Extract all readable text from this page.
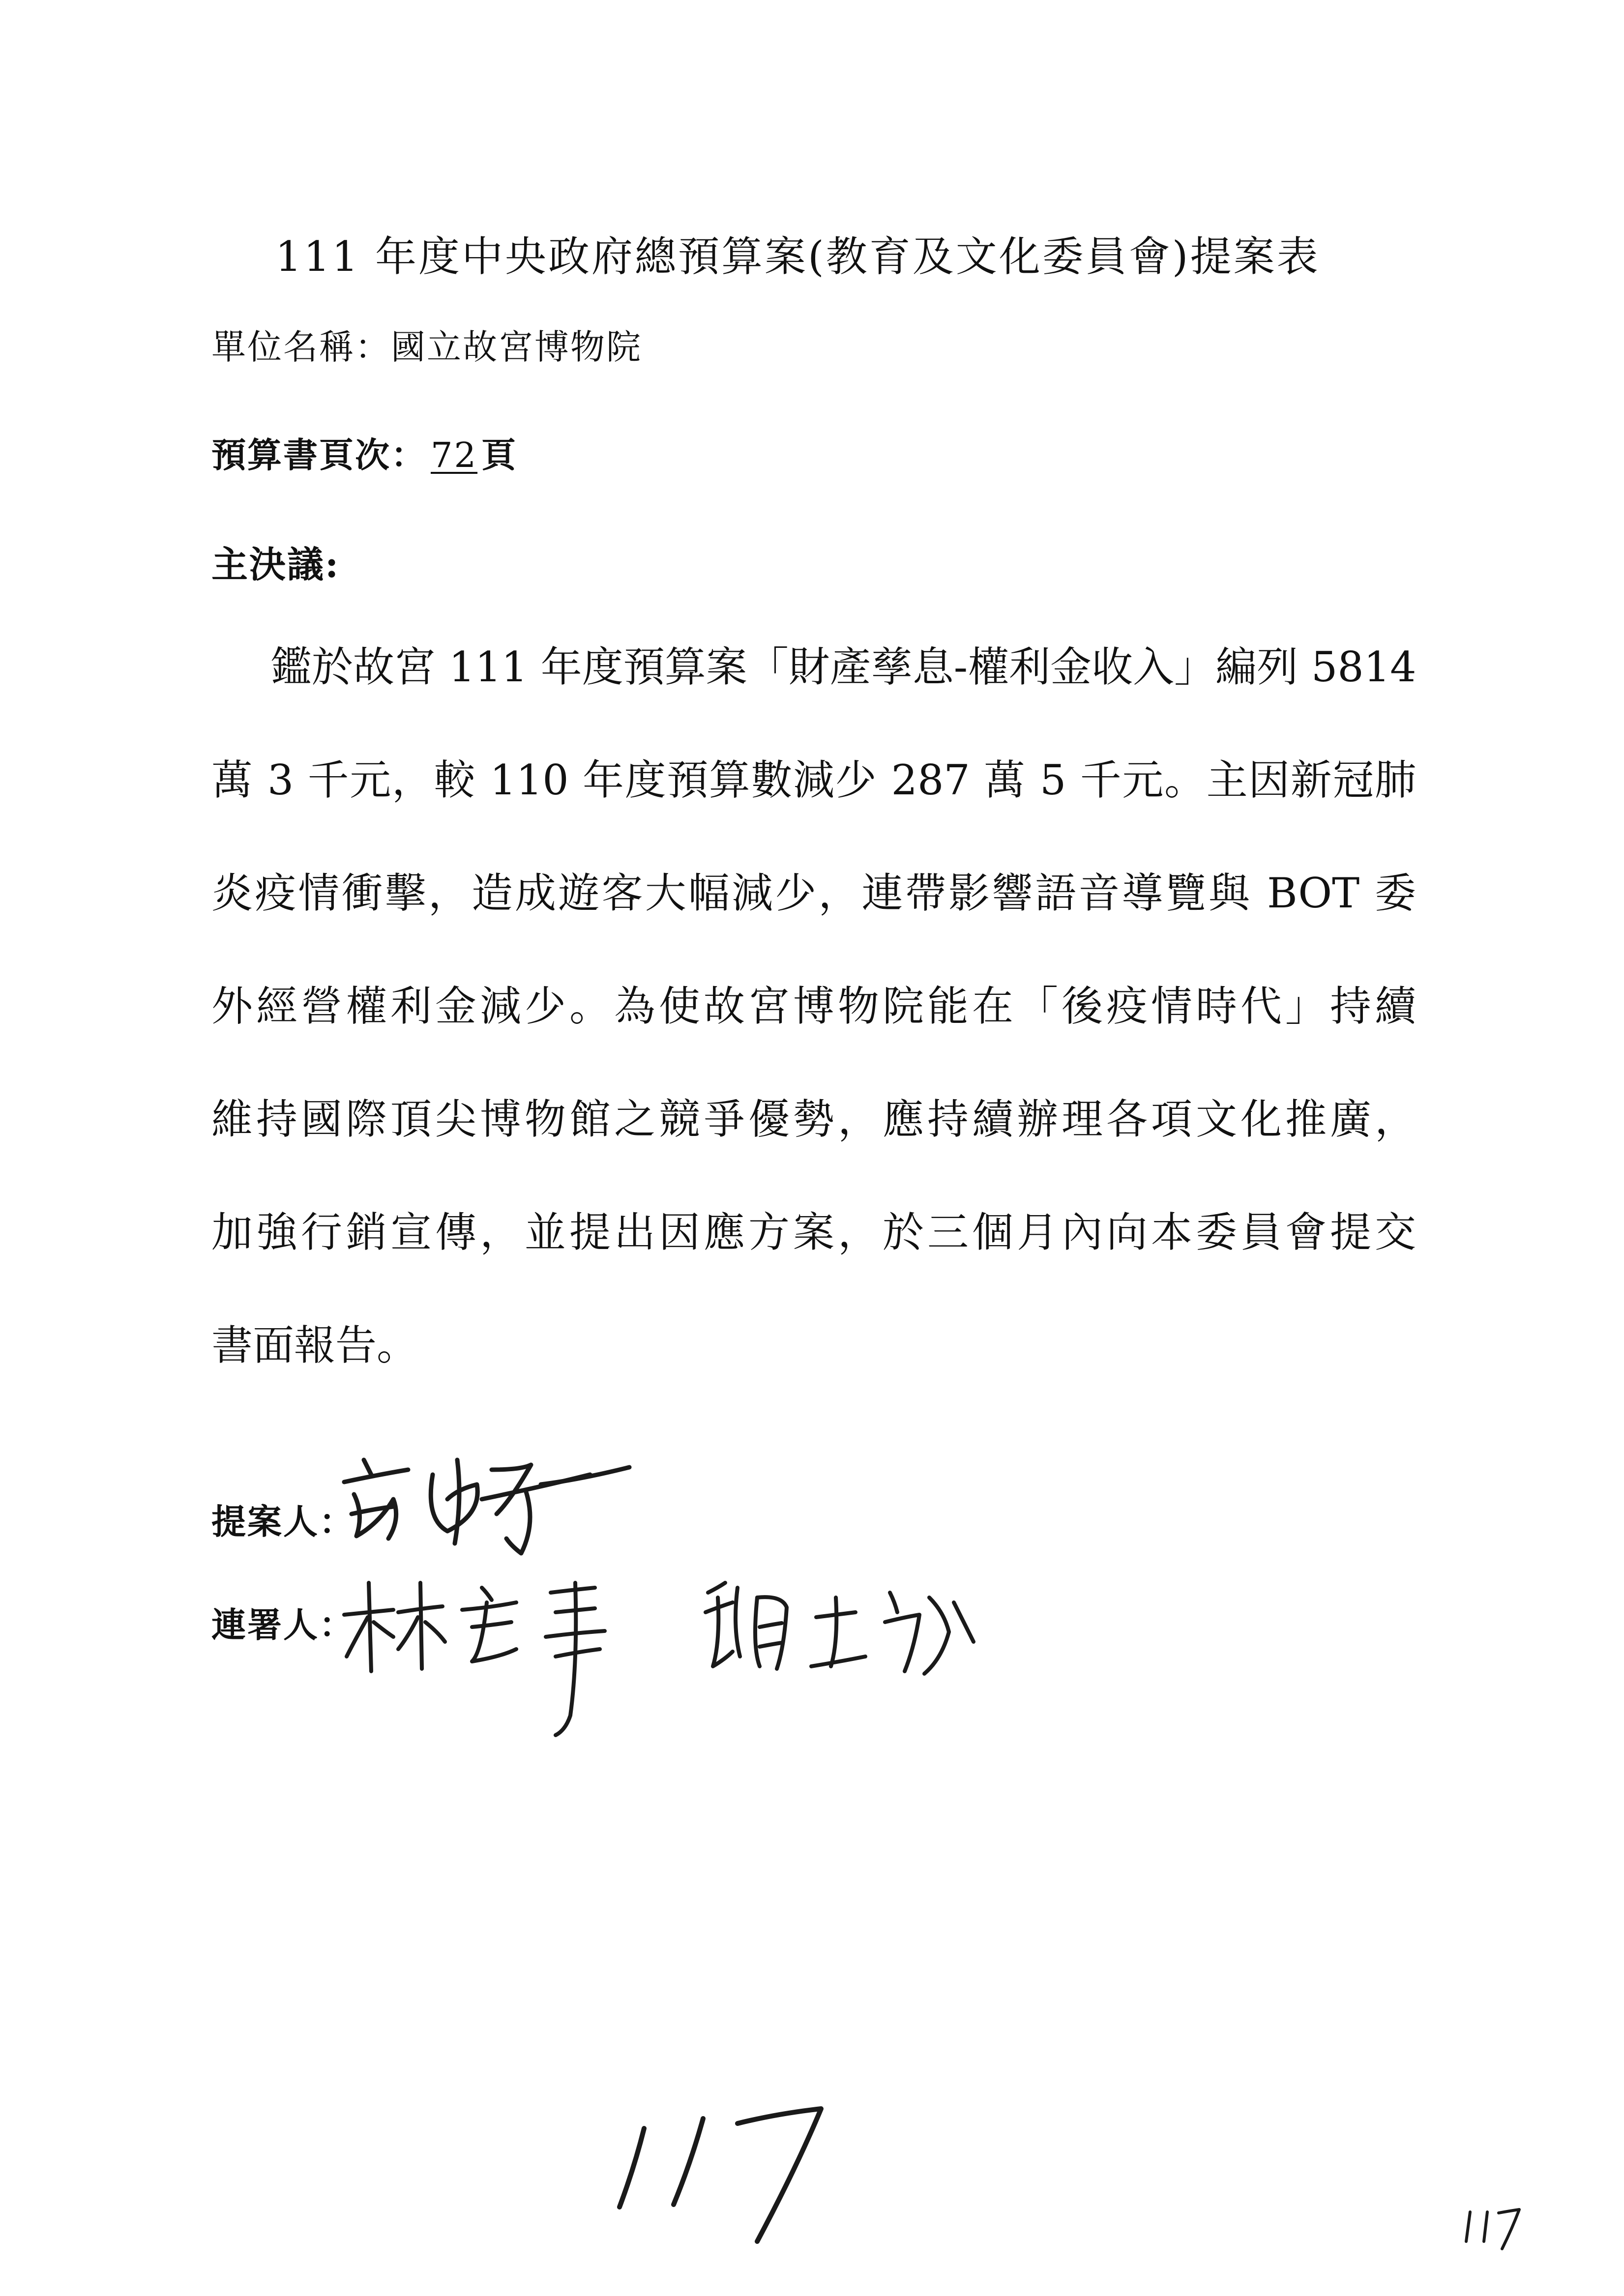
111 年度中央政府總預算案(教育及文化委員會)提案表
單位名稱：國立故宮博物院
預算書頁次： 72 頁
主決議:
鑑於故宮 111 年度預算案「財產孳息-權利金收入」編列 5814
萬 3 千元，較 110 年度預算數減少 287 萬 5 千元。主因新冠肺
炎疫情衝擊，造成遊客大幅減少，連帶影響語音導覽與 BOT 委
外經營權利金減少。為使故宮博物院能在「後疫情時代」持續
維持國際頂尖博物館之競爭優勢，應持續辦理各項文化推廣，
加強行銷宣傳，並提出因應方案，於三個月內向本委員會提交
書面報告。
提案人：
連署人：
